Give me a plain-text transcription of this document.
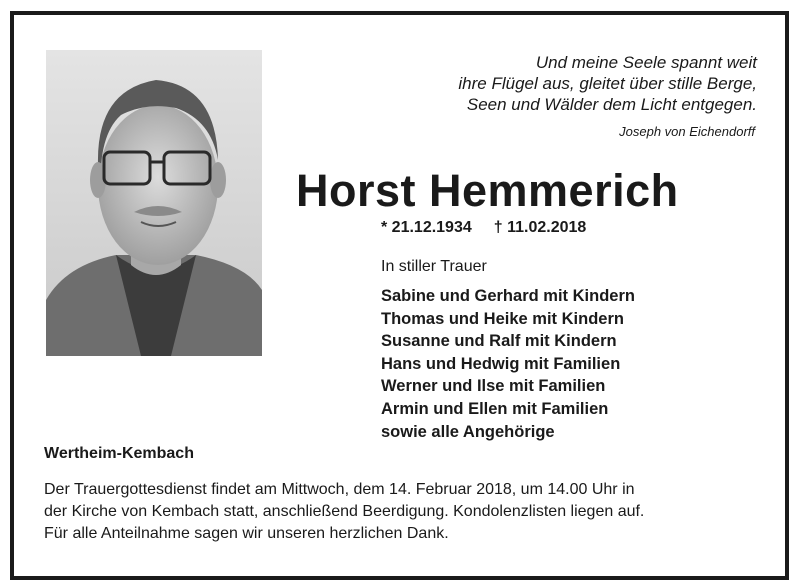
Und meine Seele spannt weit
ihre Flügel aus, gleitet über stille Berge,
Seen und Wälder dem Licht entgegen.
Joseph von Eichendorff
Horst Hemmerich
* 21.12.1934 † 11.02.2018
In stiller Trauer
Sabine und Gerhard mit Kindern
Thomas und Heike mit Kindern
Susanne und Ralf mit Kindern
Hans und Hedwig mit Familien
Werner und Ilse mit Familien
Armin und Ellen mit Familien
sowie alle Angehörige
Wertheim-Kembach
Der Trauergottesdienst findet am Mittwoch, dem 14. Februar 2018, um 14.00 Uhr in
der Kirche von Kembach statt, anschließend Beerdigung. Kondolenzlisten liegen auf.
Für alle Anteilnahme sagen wir unseren herzlichen Dank.
